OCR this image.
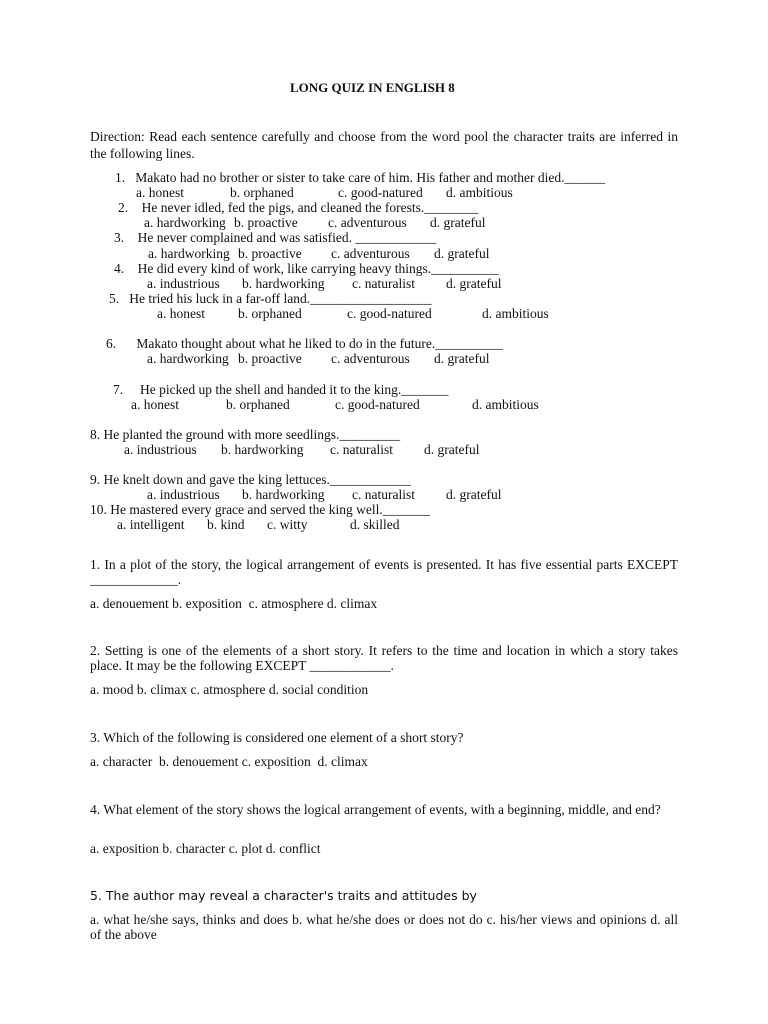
LONG QUIZ IN ENGLISH 8
Direction: Read each sentence carefully and choose from the word pool the character traits are inferred in the following lines.
1.   Makato had no brother or sister to take care of him. His father and mother died.______
a. honest	b. orphaned	c. good-natured d. ambitious
2.    He never idled, fed the pigs, and cleaned the forests.________
a. hardworking b. proactive c. adventurous d. grateful
3.    He never complained and was satisfied. ____________
a. hardworking b. proactive c. adventurous d. grateful
4.    He did every kind of work, like carrying heavy things.__________
a. industrious b. hardworking c. naturalist d. grateful
5.   He tried his luck in a far-off land.__________________
a. honest b. orphaned	c. good-natured	d. ambitious
6.      Makato thought about what he liked to do in the future.__________
a. hardworking b. proactive c. adventurous d. grateful
7.     He picked up the shell and handed it to the king._______
a. honest	b. orphaned	c. good-natured	d. ambitious
8. He planted the ground with more seedlings._________
a. industrious b. hardworking c. naturalist d. grateful
9. He knelt down and gave the king lettuces.____________
a. industrious b. hardworking c. naturalist d. grateful
10. He mastered every grace and served the king well._______
a. intelligent b. kind c. witty	d. skilled
1. In a plot of the story, the logical arrangement of events is presented. It has five essential parts EXCEPT _____________.
a. denouement b. exposition  c. atmosphere d. climax
2. Setting is one of the elements of a short story. It refers to the time and location in which a story takes place. It may be the following EXCEPT ____________.
a. mood b. climax c. atmosphere d. social condition
3. Which of the following is considered one element of a short story?
a. character  b. denouement c. exposition  d. climax
4. What element of the story shows the logical arrangement of events, with a beginning, middle, and end?
a. exposition b. character c. plot d. conflict
5. The author may reveal a character's traits and attitudes by
a. what he/she says, thinks and does b. what he/she does or does not do c. his/her views and opinions d. all of the above
